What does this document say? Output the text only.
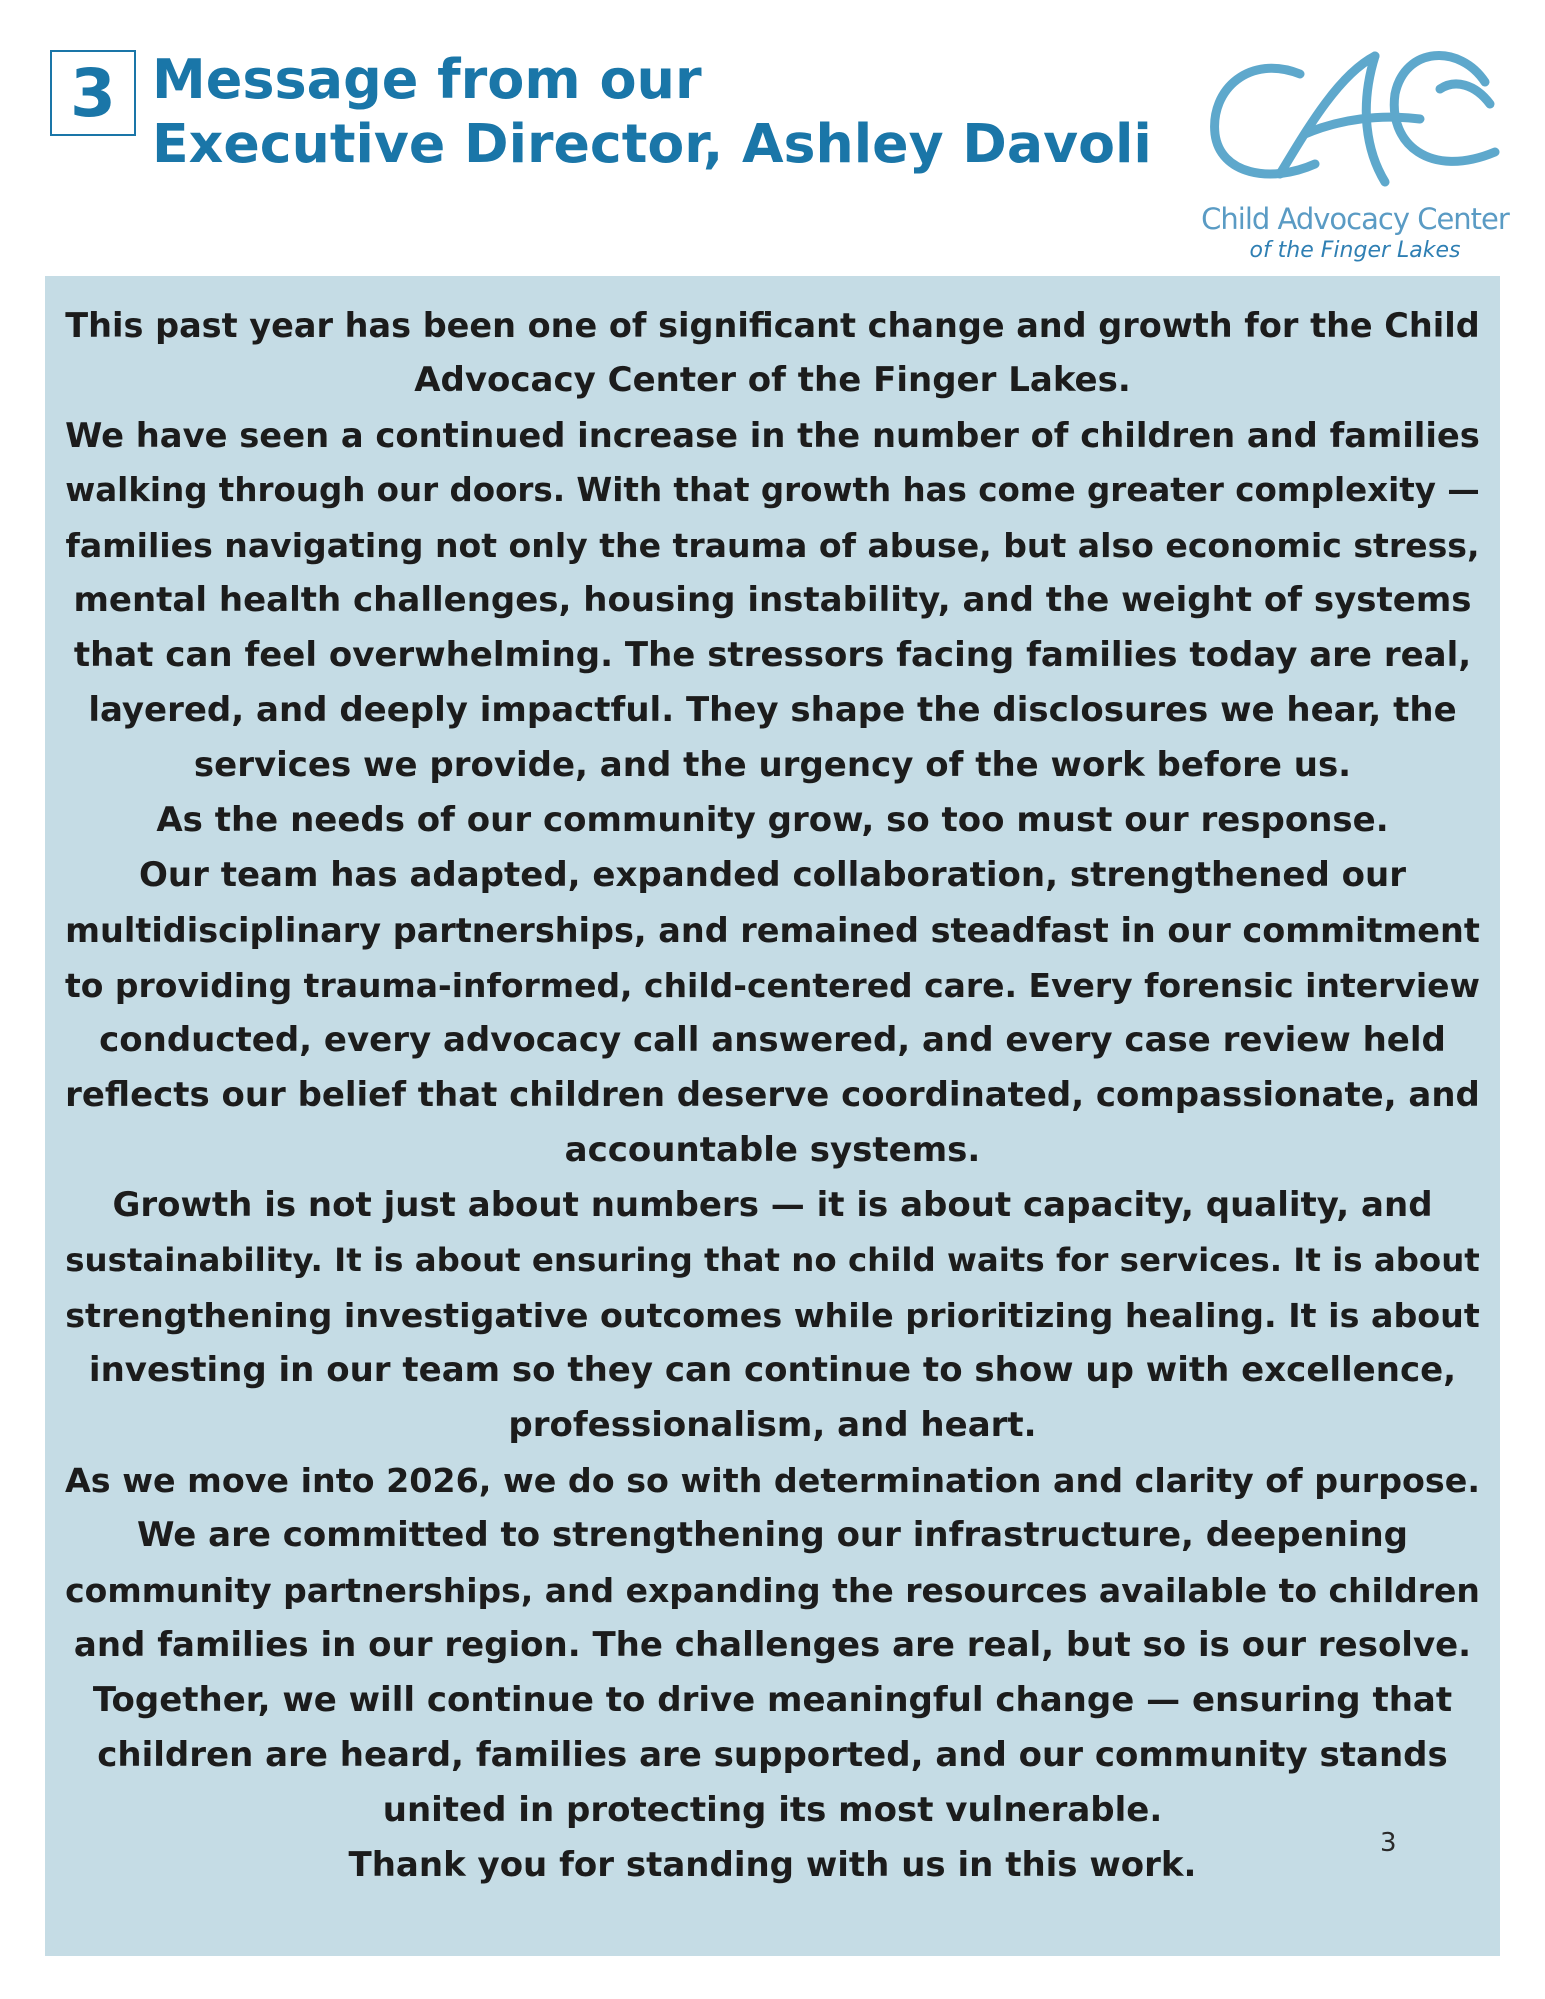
3 Message from our
Executive Director, Ashley Davoli
Child Advocacy Center
of the Finger Lakes
This past year has been one of significant change and growth for the Child
Advocacy Center of the Finger Lakes.
We have seen a continued increase in the number of children and families
walking through our doors. With that growth has come greater complexity —
families navigating not only the trauma of abuse, but also economic stress,
mental health challenges, housing instability, and the weight of systems
that can feel overwhelming. The stressors facing families today are real,
layered, and deeply impactful. They shape the disclosures we hear, the
services we provide, and the urgency of the work before us.
As the needs of our community grow, so too must our response.
Our team has adapted, expanded collaboration, strengthened our
multidisciplinary partnerships, and remained steadfast in our commitment
to providing trauma-informed, child-centered care. Every forensic interview
conducted, every advocacy call answered, and every case review held
reflects our belief that children deserve coordinated, compassionate, and
accountable systems.
Growth is not just about numbers — it is about capacity, quality, and
sustainability. It is about ensuring that no child waits for services. It is about
strengthening investigative outcomes while prioritizing healing. It is about
investing in our team so they can continue to show up with excellence,
professionalism, and heart.
As we move into 2026, we do so with determination and clarity of purpose.
We are committed to strengthening our infrastructure, deepening
community partnerships, and expanding the resources available to children
and families in our region. The challenges are real, but so is our resolve.
Together, we will continue to drive meaningful change — ensuring that
children are heard, families are supported, and our community stands
united in protecting its most vulnerable.
Thank you for standing with us in this work.
3
